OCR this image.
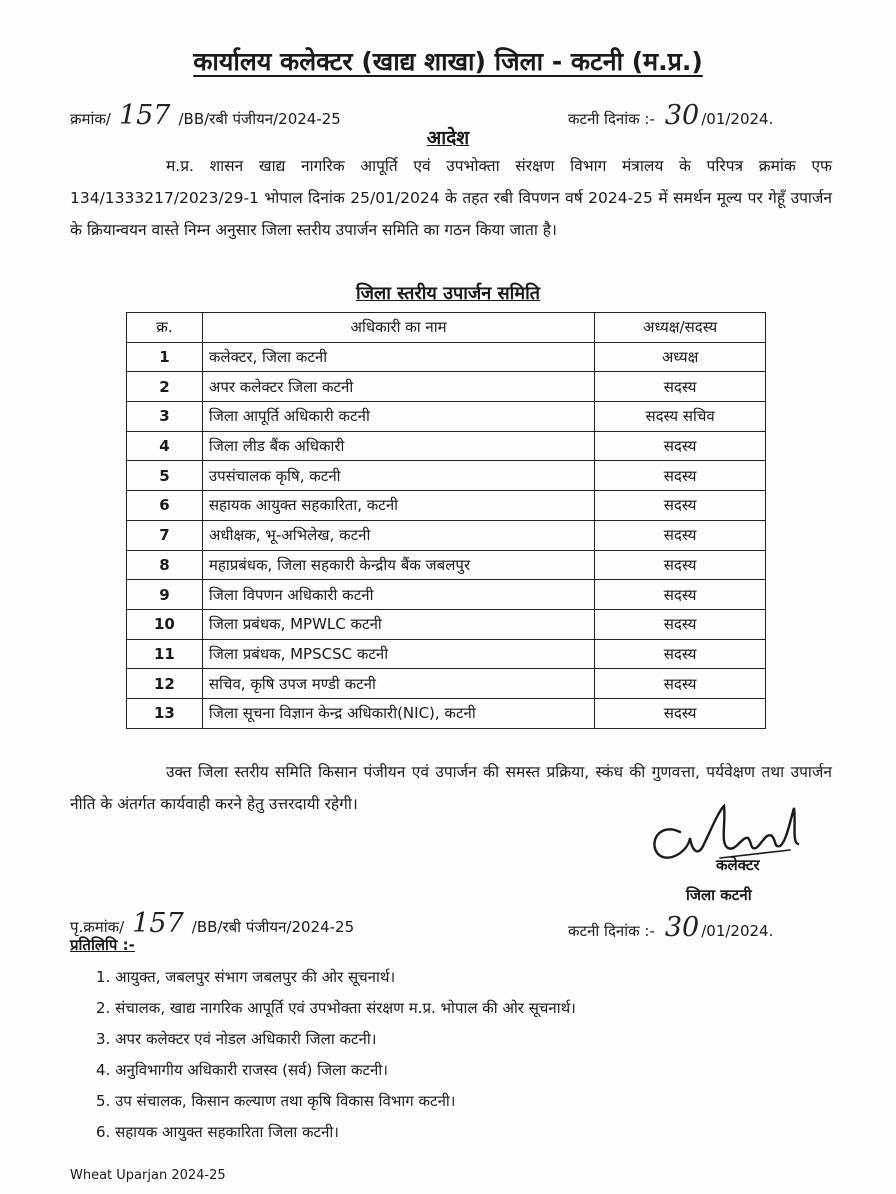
कार्यालय कलेक्टर (खाद्य शाखा) जिला - कटनी (म.प्र.)
क्रमांक/ 157 /BB/रबी पंजीयन/2024-25	कटनी दिनांक :- 30 /01/2024.
आदेश
म.प्र. शासन खाद्य नागरिक आपूर्ति एवं उपभोक्ता संरक्षण विभाग मंत्रालय के परिपत्र क्रमांक एफ 134/1333217/2023/29-1 भोपाल दिनांक 25/01/2024 के तहत रबी विपणन वर्ष 2024-25 में समर्थन मूल्य पर गेहूँ उपार्जन के क्रियान्वयन वास्ते निम्न अनुसार जिला स्तरीय उपार्जन समिति का गठन किया जाता है।
जिला स्तरीय उपार्जन समिति
क्र.	अधिकारी का नाम	अध्यक्ष/सदस्य
1	कलेक्टर, जिला कटनी	अध्यक्ष
2	अपर कलेक्टर जिला कटनी	सदस्य
3	जिला आपूर्ति अधिकारी कटनी	सदस्य सचिव
4	जिला लीड बैंक अधिकारी	सदस्य
5	उपसंचालक कृषि, कटनी	सदस्य
6	सहायक आयुक्त सहकारिता, कटनी	सदस्य
7	अधीक्षक, भू-अभिलेख, कटनी	सदस्य
8	महाप्रबंधक, जिला सहकारी केन्द्रीय बैंक जबलपुर	सदस्य
9	जिला विपणन अधिकारी कटनी	सदस्य
10	जिला प्रबंधक, MPWLC कटनी	सदस्य
11	जिला प्रबंधक, MPSCSC कटनी	सदस्य
12	सचिव, कृषि उपज मण्डी कटनी	सदस्य
13	जिला सूचना विज्ञान केन्द्र अधिकारी(NIC), कटनी	सदस्य
उक्त जिला स्तरीय समिति किसान पंजीयन एवं उपार्जन की समस्त प्रक्रिया, स्कंध की गुणवत्ता, पर्यवेक्षण तथा उपार्जन नीति के अंतर्गत कार्यवाही करने हेतु उत्तरदायी रहेगी।
कलेक्टर
जिला कटनी
पृ.क्रमांक/ 157 /BB/रबी पंजीयन/2024-25	कटनी दिनांक :- 30 /01/2024.
प्रतिलिपि :-
1. आयुक्त, जबलपुर संभाग जबलपुर की ओर सूचनार्थ।
2. संचालक, खाद्य नागरिक आपूर्ति एवं उपभोक्ता संरक्षण म.प्र. भोपाल की ओर सूचनार्थ।
3. अपर कलेक्टर एवं नोडल अधिकारी जिला कटनी।
4. अनुविभागीय अधिकारी राजस्व (सर्व) जिला कटनी।
5. उप संचालक, किसान कल्याण तथा कृषि विकास विभाग कटनी।
6. सहायक आयुक्त सहकारिता जिला कटनी।
Wheat Uparjan 2024-25
